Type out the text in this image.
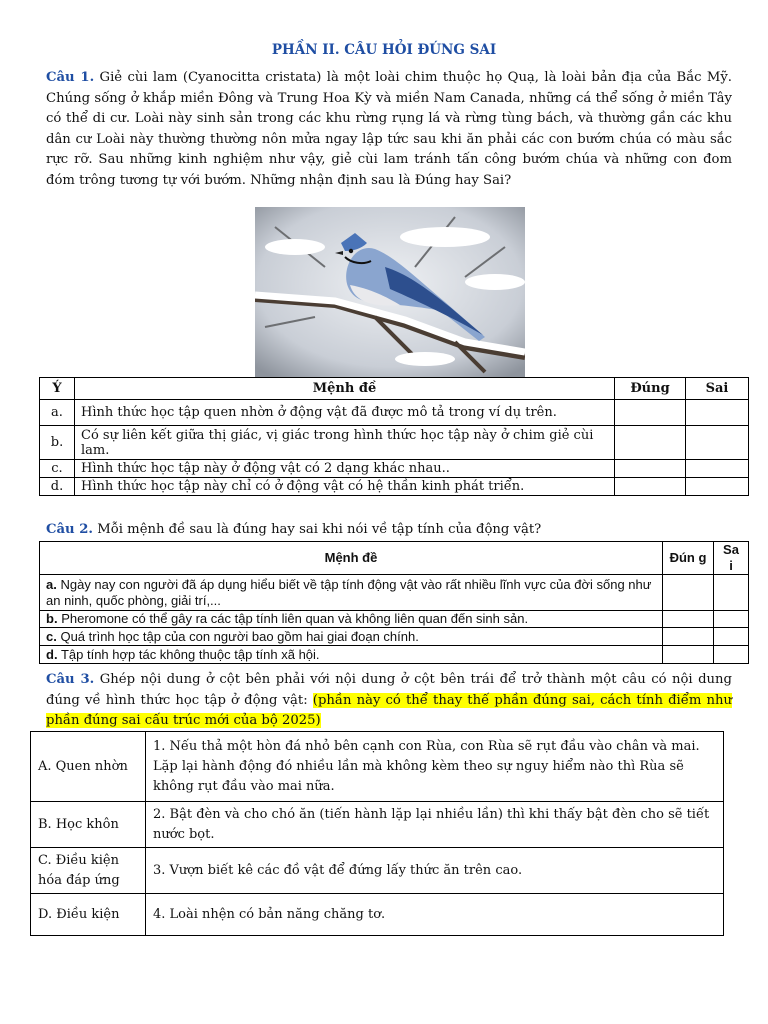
PHẦN II. CÂU HỎI ĐÚNG SAI

Câu 1. Giẻ cùi lam (Cyanocitta cristata) là một loài chim thuộc họ Quạ, là loài bản địa của Bắc Mỹ. Chúng sống ở khắp miền Đông và Trung Hoa Kỳ và miền Nam Canada, những cá thể sống ở miền Tây có thể di cư. Loài này sinh sản trong các khu rừng rụng lá và rừng tùng bách, và thường gần các khu dân cư Loài này thường thường nôn mửa ngay lập tức sau khi ăn phải các con bướm chúa có màu sắc rực rỡ. Sau những kinh nghiệm như vậy, giẻ cùi lam tránh tấn công bướm chúa và những con đom đóm trông tương tự với bướm. Những nhận định sau là Đúng hay Sai?

Ý	Mệnh đề	Đúng	Sai
a.	Hình thức học tập quen nhờn ở động vật đã được mô tả trong ví dụ trên.		
b.	Có sự liên kết giữa thị giác, vị giác trong hình thức học tập này ở chim giẻ cùi lam.		
c.	Hình thức học tập này ở động vật có 2 dạng khác nhau..		
d.	Hình thức học tập này chỉ có ở động vật có hệ thần kinh phát triển.		

Câu 2. Mỗi mệnh đề sau là đúng hay sai khi nói về tập tính của động vật?

Mệnh đề	Đún g	Sa i
a. Ngày nay con người đã áp dụng hiểu biết về tập tính động vật vào rất nhiều lĩnh vực của đời sống như an ninh, quốc phòng, giải trí,...		
b. Pheromone có thể gây ra các tập tính liên quan và không liên quan đến sinh sản.		
c. Quá trình học tập của con người bao gồm hai giai đoạn chính.		
d. Tập tính hợp tác không thuộc tập tính xã hội.		

Câu 3. Ghép nội dung ở cột bên phải với nội dung ở cột bên trái để trở thành một câu có nội dung đúng về hình thức học tập ở động vật: (phần này có thể thay thế phần đúng sai, cách tính điểm như phần đúng sai cấu trúc mới của bộ 2025)

A. Quen nhờn	1. Nếu thả một hòn đá nhỏ bên cạnh con Rùa, con Rùa sẽ rụt đầu vào chân và mai. Lặp lại hành động đó nhiều lần mà không kèm theo sự nguy hiểm nào thì Rùa sẽ không rụt đầu vào mai nữa.
B. Học khôn	2. Bật đèn và cho chó ăn (tiến hành lặp lại nhiều lần) thì khi thấy bật đèn cho sẽ tiết nước bọt.
C. Điều kiện hóa đáp ứng	3. Vượn biết kê các đồ vật để đứng lấy thức ăn trên cao.
D. Điều kiện	4. Loài nhện có bản năng chăng tơ.
